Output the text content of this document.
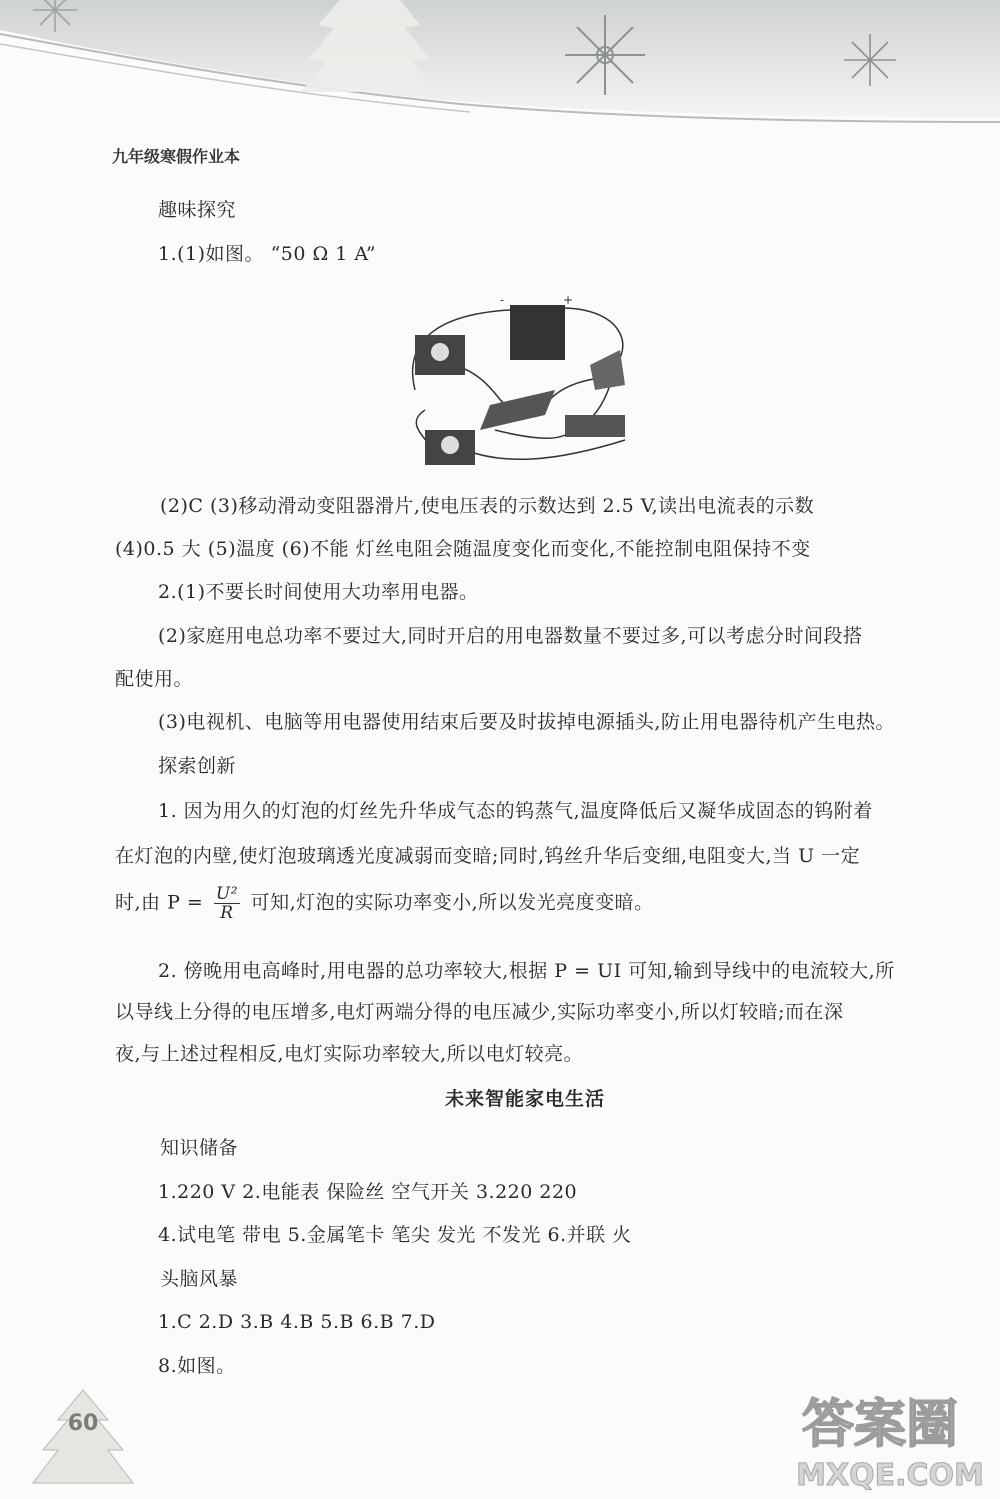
九年级寒假作业本
趣味探究
1.(1)如图。 “50 Ω 1 A”
-	+
(2)C (3)移动滑动变阻器滑片,使电压表的示数达到 2.5 V,读出电流表的示数
(4)0.5 大 (5)温度 (6)不能 灯丝电阻会随温度变化而变化,不能控制电阻保持不变
2.(1)不要长时间使用大功率用电器。
(2)家庭用电总功率不要过大,同时开启的用电器数量不要过多,可以考虑分时间段搭
配使用。
(3)电视机、电脑等用电器使用结束后要及时拔掉电源插头,防止用电器待机产生电热。
探索创新
1. 因为用久的灯泡的灯丝先升华成气态的钨蒸气,温度降低后又凝华成固态的钨附着
在灯泡的内壁,使灯泡玻璃透光度减弱而变暗;同时,钨丝升华后变细,电阻变大,当 U 一定
时,由 $P = \frac{\text{U²}}{R}$ 可知,灯泡的实际功率变小,所以发光亮度变暗。
2. 傍晚用电高峰时,用电器的总功率较大,根据 P = UI 可知,输到导线中的电流较大,所
以导线上分得的电压增多,电灯两端分得的电压减少,实际功率变小,所以灯较暗;而在深
夜,与上述过程相反,电灯实际功率较大,所以电灯较亮。
未来智能家电生活
知识储备
1.220 V 2.电能表 保险丝 空气开关 3.220 220
4.试电笔 带电 5.金属笔卡 笔尖 发光 不发光 6.并联 火
头脑风暴
1.C 2.D 3.B 4.B 5.B 6.B 7.D
8.如图。
60	答案圈
MXQE.COM
